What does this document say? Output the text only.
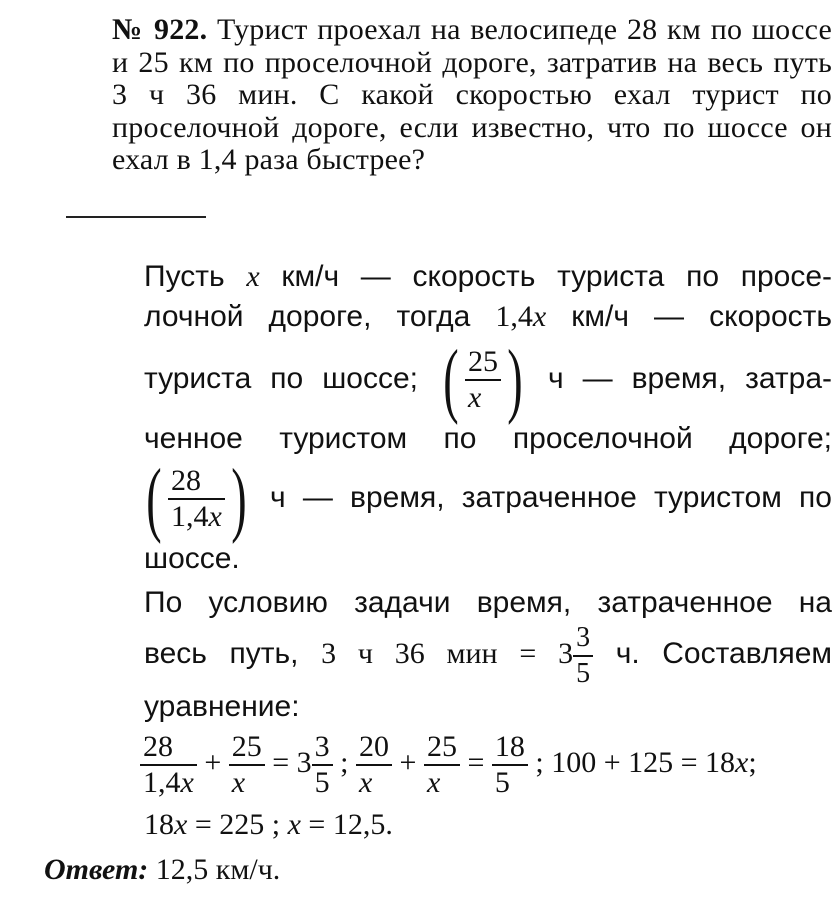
№ 922. Турист проехал на велосипеде 28 км по шоссе и 25 км по проселочной дороге, затратив на весь путь 3 ч 36 мин. С какой скоростью ехал турист по проселочной дороге, если известно, что по шоссе он ехал в 1,4 раза быстрее?
Пусть x км/ч — скорость туриста по просе-
лочной дороге, тогда 1,4x км/ч — скорость
туриста по шоссе; ( $\frac{25}{x}$ ) ч — время, затра-
ченное туристом по проселочной дороге;
( $\frac{28}{1,4x}$ ) ч — время, затраченное туристом по
шоссе.
По условию задачи время, затраченное на
весь путь, 3 ч 36 мин = $3 \frac{3}{5} ч$. Составляем
уравнение:
$\frac{28}{1,4x} + \frac{25}{x} = 3 \frac{3}{5}$ ; $\frac{20}{x} + \frac{25}{x} = \frac{18}{5}$ ; 100 + 125 = 18x;
18x = 225 ; x = 12,5.
Ответ: 12,5 км/ч.
